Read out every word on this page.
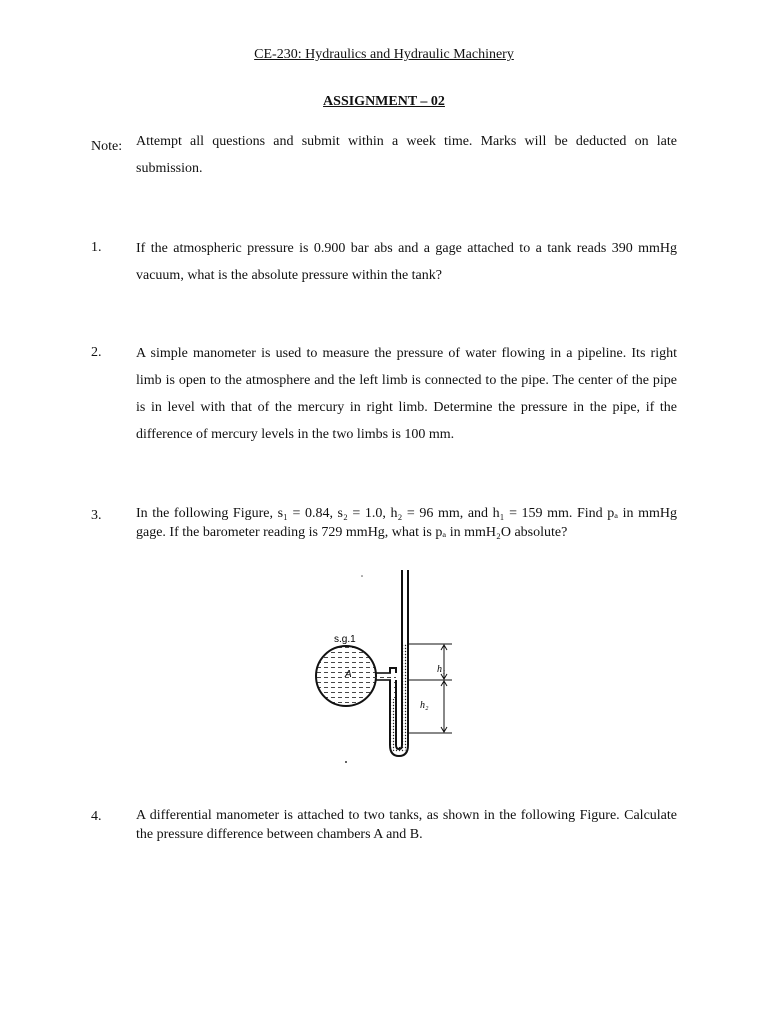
CE-230: Hydraulics and Hydraulic Machinery
ASSIGNMENT – 02
Note: Attempt all questions and submit within a week time. Marks will be deducted on late submission.
1. If the atmospheric pressure is 0.900 bar abs and a gage attached to a tank reads 390 mmHg vacuum, what is the absolute pressure within the tank?
2. A simple manometer is used to measure the pressure of water flowing in a pipeline. Its right limb is open to the atmosphere and the left limb is connected to the pipe. The center of the pipe is in level with that of the mercury in right limb. Determine the pressure in the pipe, if the difference of mercury levels in the two limbs is 100 mm.
3. In the following Figure, s₁ = 0.84, s₂ = 1.0, h₂ = 96 mm, and h₁ = 159 mm. Find pₐ in mmHg gage. If the barometer reading is 729 mmHg, what is pₐ in mmH₂O absolute?
s.g.1
A	h₁
h₂
4. A differential manometer is attached to two tanks, as shown in the following Figure. Calculate the pressure difference between chambers A and B.
